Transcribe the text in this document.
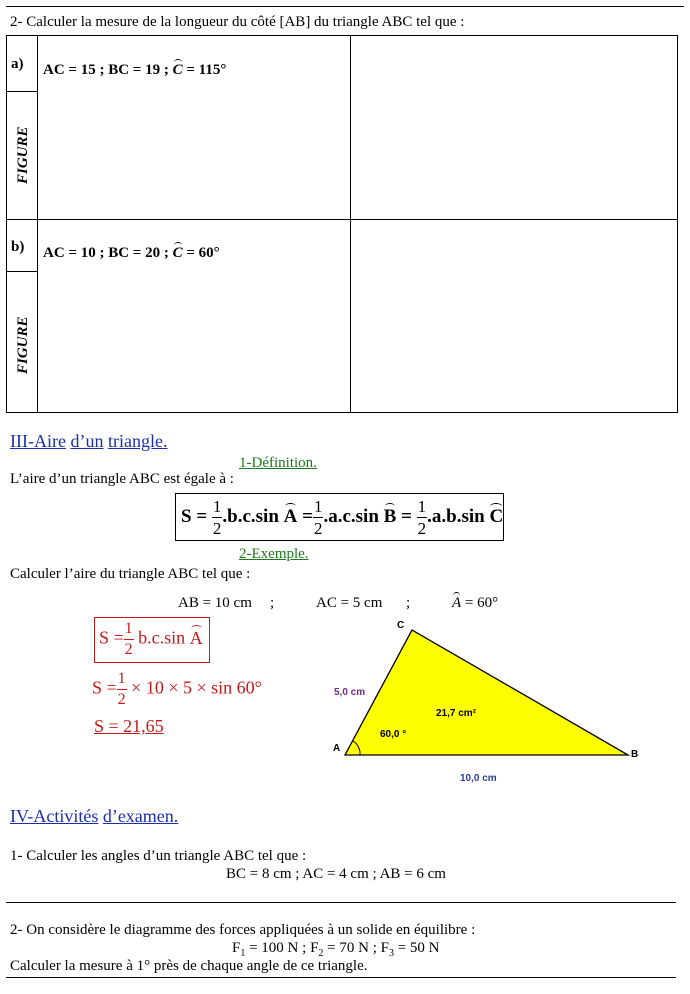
2- Calculer la mesure de la longueur du côté [AB] du triangle ABC tel que :
a) AC = 15 ; BC = 19 ; C = 115°
FIGURE
b) AC = 10 ; BC = 20 ; C = 60°
FIGURE
III-Aire d’un triangle.
1-Définition.
L’aire d’un triangle ABC est égale à :
$S = \frac{1}{2} .b.c.\sin$ $A = \frac{1}{2} .a.c.\sin$ $B = \frac{1}{2} .a.b.\sin$ C
2-Exemple.
Calculer l’aire du triangle ABC tel que :
AB = 10 cm ;	AC = 5 cm ;	A = 60°
$S = \frac{1}{2} b.c.\sin$ A
$S = \frac{1}{2} \times 10 \times 5 \times \sin 60^\circ$
S = 21,65
C
A
B
5,0 cm
21,7 cm²
60,0 °
10,0 cm
IV-Activités d’examen.
1- Calculer les angles d’un triangle ABC tel que :
BC = 8 cm ; AC = 4 cm ; AB = 6 cm
2- On considère le diagramme des forces appliquées à un solide en équilibre :
$F_1 = 100$ N ; $F_2 = 70$ N ; $F_3 = 50$ N
Calculer la mesure à 1° près de chaque angle de ce triangle.
